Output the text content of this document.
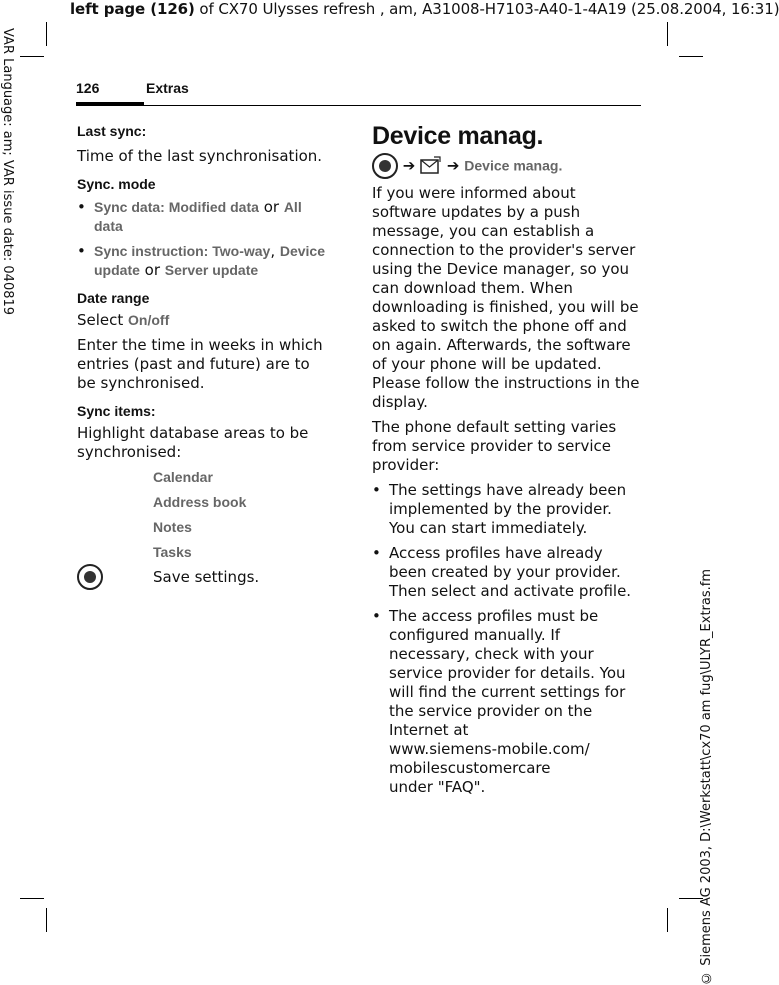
left page (126) of CX70 Ulysses refresh , am, A31008-H7103-A40-1-4A19 (25.08.2004, 16:31)
VAR Language: am; VAR issue date: 040819
© Siemens AG 2003, D:\Werkstatt\cx70 am fug\ULYR_Extras.fm
126	Extras
Last sync:

Time of the last synchronisation.

Sync. mode
• Sync data: Modified data or All data
• Sync instruction: Two-way, Device update or Server update
Date range

Select On/off

Enter the time in weeks in which entries (past and future) are to be synchronised.

Sync items:

Highlight database areas to be synchronised:

Calendar
Address book
Notes
Tasks
Save settings.
Device manag.
➔ ➔ Device manag.

If you were informed about software updates by a push message, you can establish a connection to the provider's server using the Device manager, so you can download them. When downloading is finished, you will be asked to switch the phone off and on again. Afterwards, the software of your phone will be updated. Please follow the instructions in the display.

The phone default setting varies from service provider to service provider:

• The settings have already been implemented by the provider. You can start immediately.
• Access profiles have already been created by your provider. Then select and activate profile.
• The access profiles must be configured manually. If necessary, check with your service provider for details. You will find the current settings for the service provider on the Internet at
www.siemens-mobile.com/
mobilescustomercare
under "FAQ".
